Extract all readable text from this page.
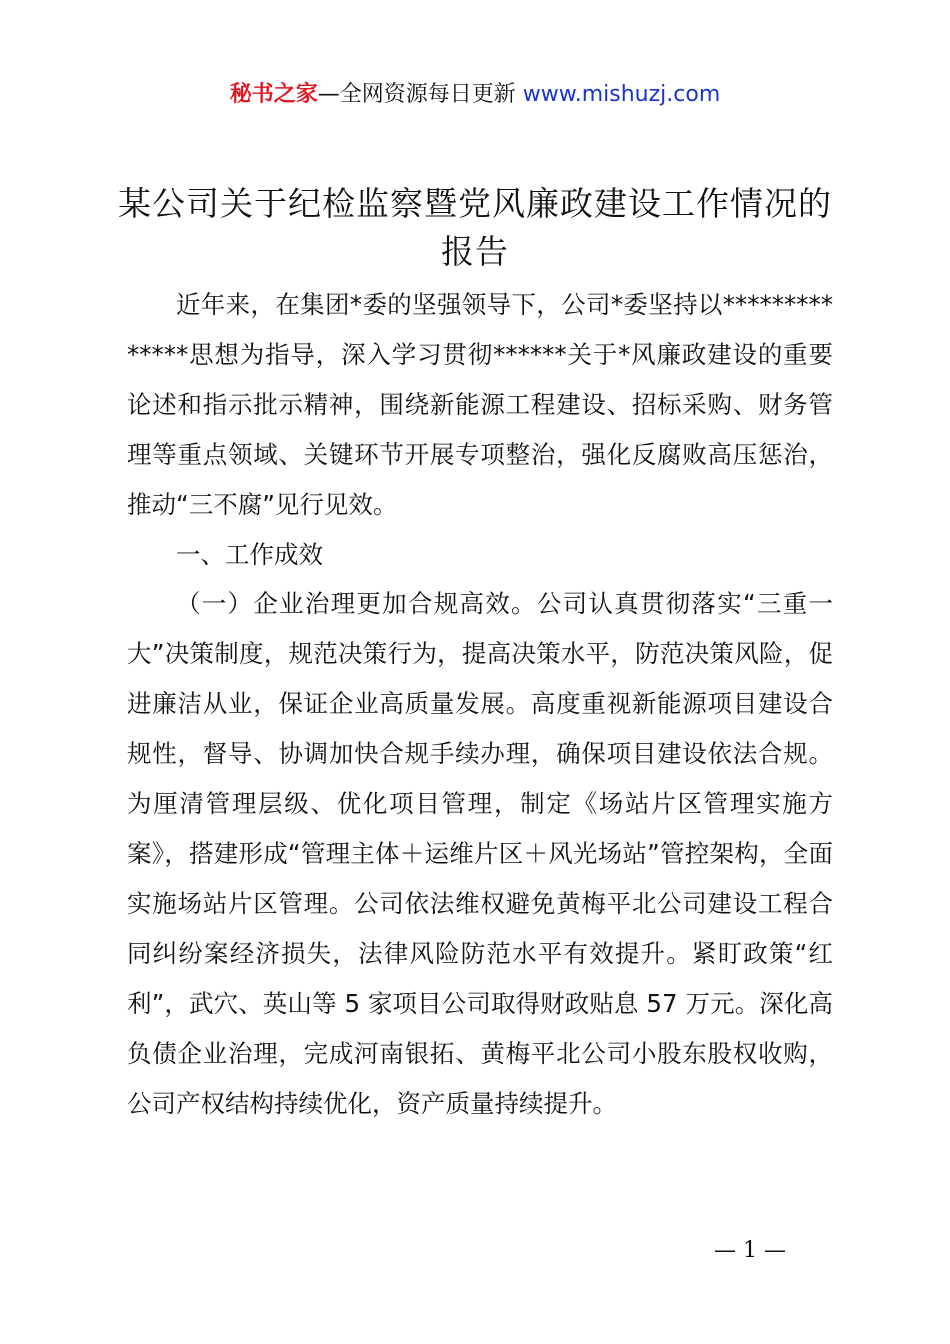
秘书之家—全网资源每日更新 www.mishuzj.com
某公司关于纪检监察暨党风廉政建设工作情况的报告

近年来，在集团*委的坚强领导下，公司*委坚持以**************思想为指导，深入学习贯彻******关于*风廉政建设的重要论述和指示批示精神，围绕新能源工程建设、招标采购、财务管理等重点领域、关键环节开展专项整治，强化反腐败高压惩治，推动“三不腐”见行见效。

一、工作成效

（一）企业治理更加合规高效。公司认真贯彻落实“三重一大”决策制度，规范决策行为，提高决策水平，防范决策风险，促进廉洁从业，保证企业高质量发展。高度重视新能源项目建设合规性，督导、协调加快合规手续办理，确保项目建设依法合规。为厘清管理层级、优化项目管理，制定《场站片区管理实施方案》，搭建形成“管理主体＋运维片区＋风光场站”管控架构，全面实施场站片区管理。公司依法维权避免黄梅平北公司建设工程合同纠纷案经济损失，法律风险防范水平有效提升。紧盯政策“红利”，武穴、英山等 5 家项目公司取得财政贴息 57 万元。深化高负债企业治理，完成河南银拓、黄梅平北公司小股东股权收购，公司产权结构持续优化，资产质量持续提升。

— 1 —
